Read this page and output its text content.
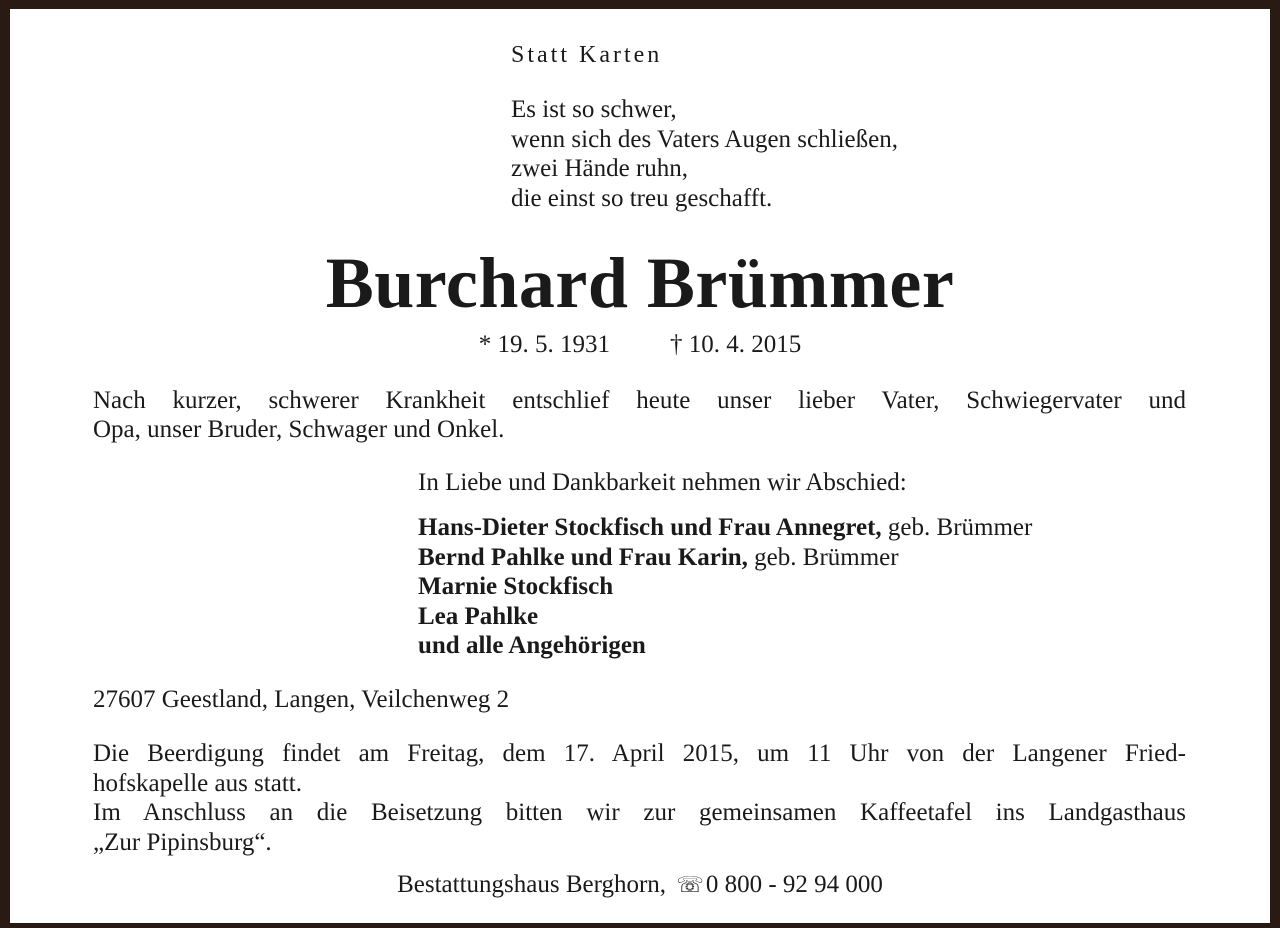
Statt Karten
Es ist so schwer,
wenn sich des Vaters Augen schließen,
zwei Hände ruhn,
die einst so treu geschafft.
Burchard Brümmer
* 19. 5. 1931 † 10. 4. 2015
Nach kurzer, schwerer Krankheit entschlief heute unser lieber Vater, Schwiegervater und
Opa, unser Bruder, Schwager und Onkel.
In Liebe und Dankbarkeit nehmen wir Abschied:
Hans-Dieter Stockfisch und Frau Annegret, geb. Brümmer
Bernd Pahlke und Frau Karin, geb. Brümmer
Marnie Stockfisch
Lea Pahlke
und alle Angehörigen
27607 Geestland, Langen, Veilchenweg 2
Die Beerdigung findet am Freitag, dem 17. April 2015, um 11 Uhr von der Langener Fried-
hofskapelle aus statt.
Im Anschluss an die Beisetzung bitten wir zur gemeinsamen Kaffeetafel ins Landgasthaus
„Zur Pipinsburg“.
Bestattungshaus Berghorn, ☏0 800 - 92 94 000
